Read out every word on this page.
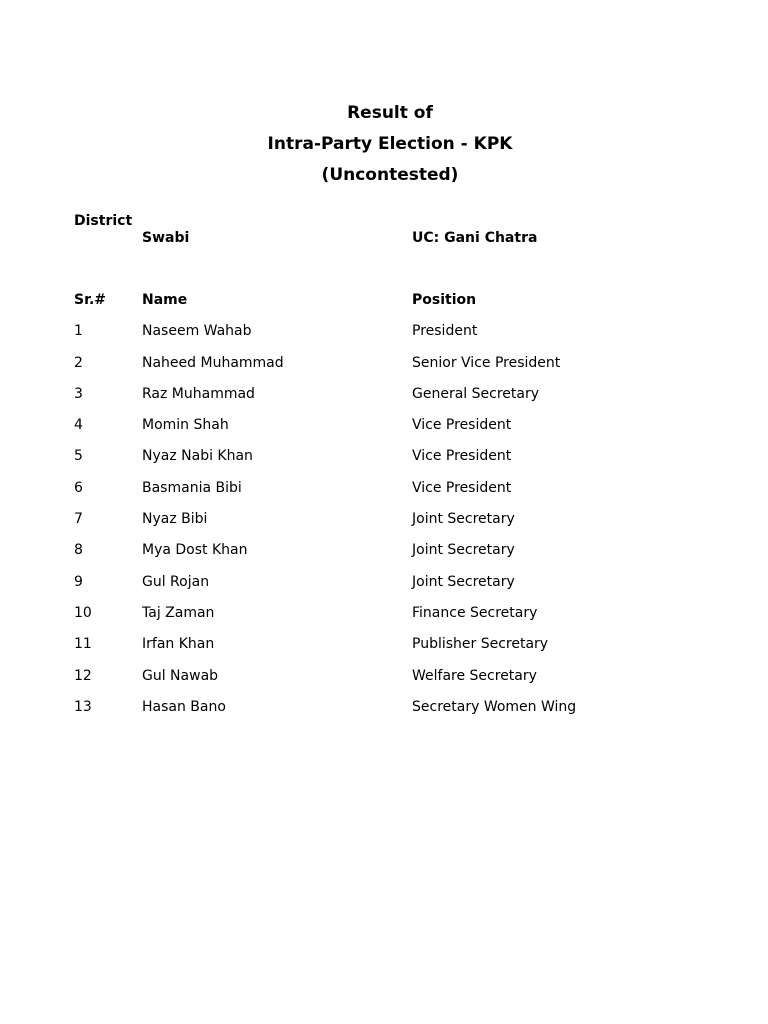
Result of
Intra-Party Election - KPK
(Uncontested)
District
Swabi	UC: Gani Chatra
Sr.#	Name	Position
1	Naseem Wahab	President
2	Naheed Muhammad	Senior Vice President
3	Raz Muhammad	General Secretary
4	Momin Shah	Vice President
5	Nyaz Nabi Khan	Vice President
6	Basmania Bibi	Vice President
7	Nyaz Bibi	Joint Secretary
8	Mya Dost Khan	Joint Secretary
9	Gul Rojan	Joint Secretary
10	Taj Zaman	Finance Secretary
11	Irfan Khan	Publisher Secretary
12	Gul Nawab	Welfare Secretary
13	Hasan Bano	Secretary Women Wing
